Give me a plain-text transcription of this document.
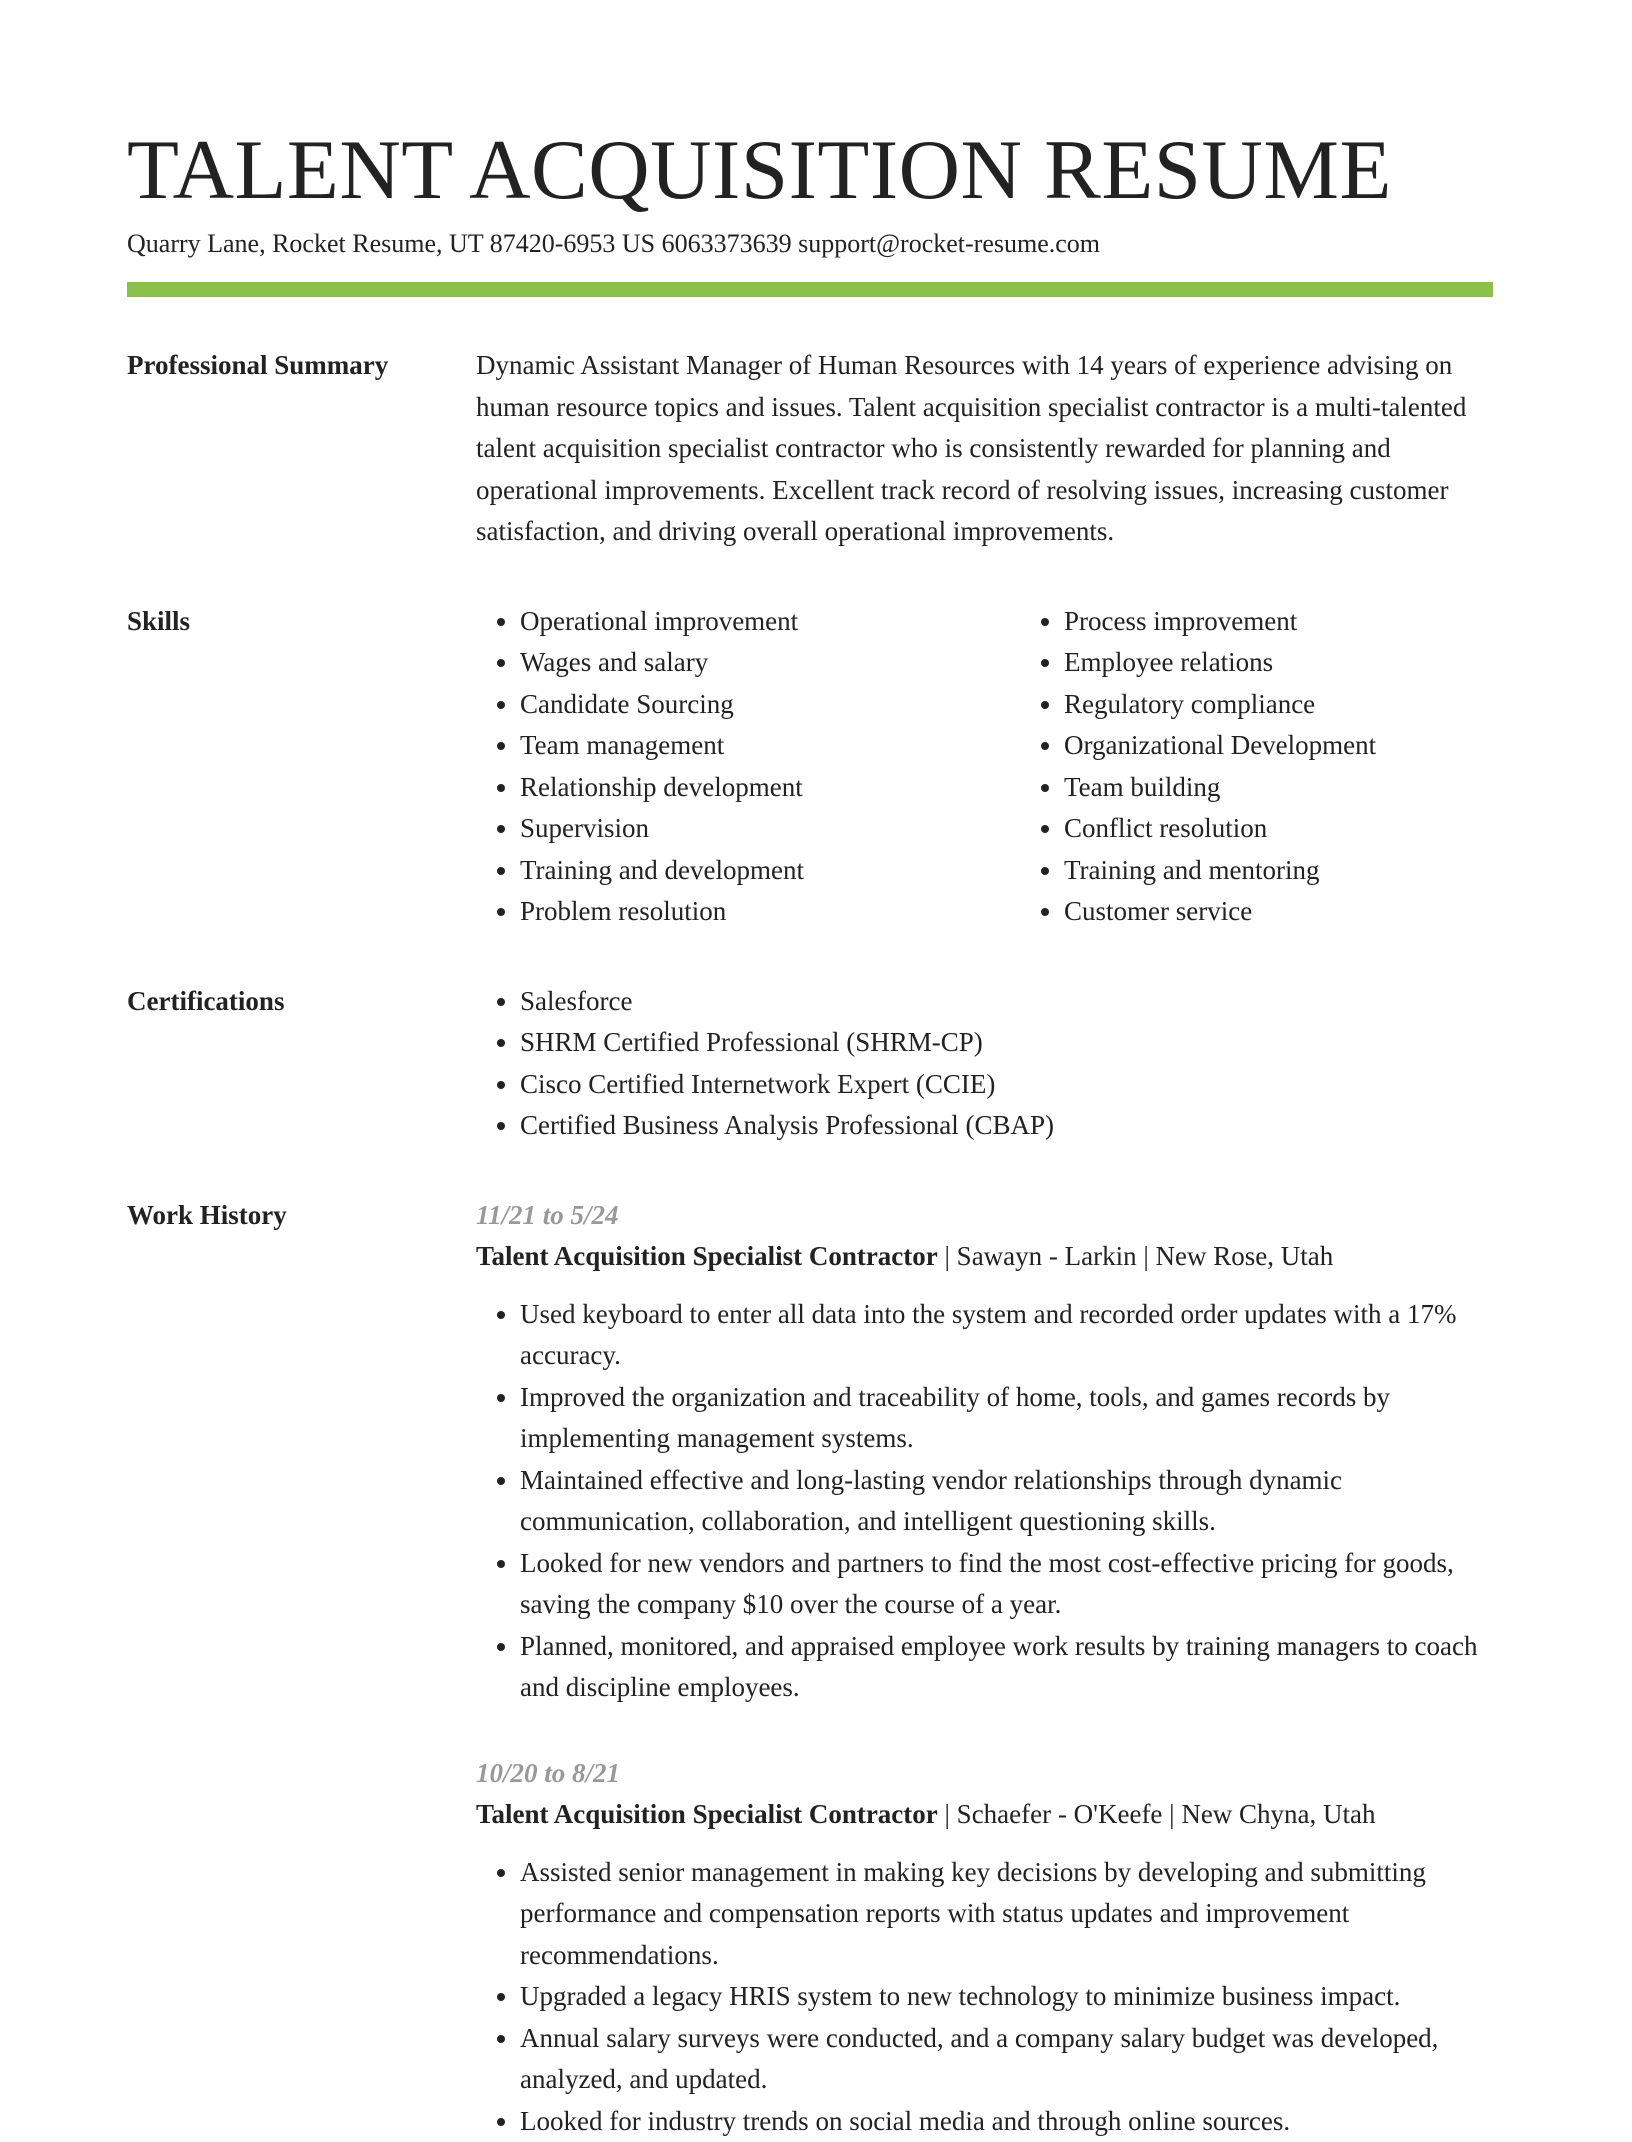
TALENT ACQUISITION RESUME
Quarry Lane, Rocket Resume, UT 87420-6953 US 6063373639 support@rocket-resume.com
Professional Summary	Dynamic Assistant Manager of Human Resources with 14 years of experience advising on human resource topics and issues. Talent acquisition specialist contractor is a multi-talented talent acquisition specialist contractor who is consistently rewarded for planning and operational improvements. Excellent track record of resolving issues, increasing customer satisfaction, and driving overall operational improvements.

Skills	• Operational improvement
• Wages and salary
• Candidate Sourcing
• Team management
• Relationship development
• Supervision
• Training and development
• Problem resolution
• Process improvement
• Employee relations
• Regulatory compliance
• Organizational Development
• Team building
• Conflict resolution
• Training and mentoring
• Customer service
Certifications	• Salesforce
• SHRM Certified Professional (SHRM-CP)
• Cisco Certified Internetwork Expert (CCIE)
• Certified Business Analysis Professional (CBAP)
Work History	11/21 to 5/24
Talent Acquisition Specialist Contractor | Sawayn - Larkin | New Rose, Utah
• Used keyboard to enter all data into the system and recorded order updates with a 17% accuracy.
• Improved the organization and traceability of home, tools, and games records by implementing management systems.
• Maintained effective and long-lasting vendor relationships through dynamic communication, collaboration, and intelligent questioning skills.
• Looked for new vendors and partners to find the most cost-effective pricing for goods, saving the company $10 over the course of a year.
• Planned, monitored, and appraised employee work results by training managers to coach and discipline employees.
10/20 to 8/21
Talent Acquisition Specialist Contractor | Schaefer - O'Keefe | New Chyna, Utah
• Assisted senior management in making key decisions by developing and submitting performance and compensation reports with status updates and improvement recommendations.
• Upgraded a legacy HRIS system to new technology to minimize business impact.
• Annual salary surveys were conducted, and a company salary budget was developed, analyzed, and updated.
• Looked for industry trends on social media and through online sources.
